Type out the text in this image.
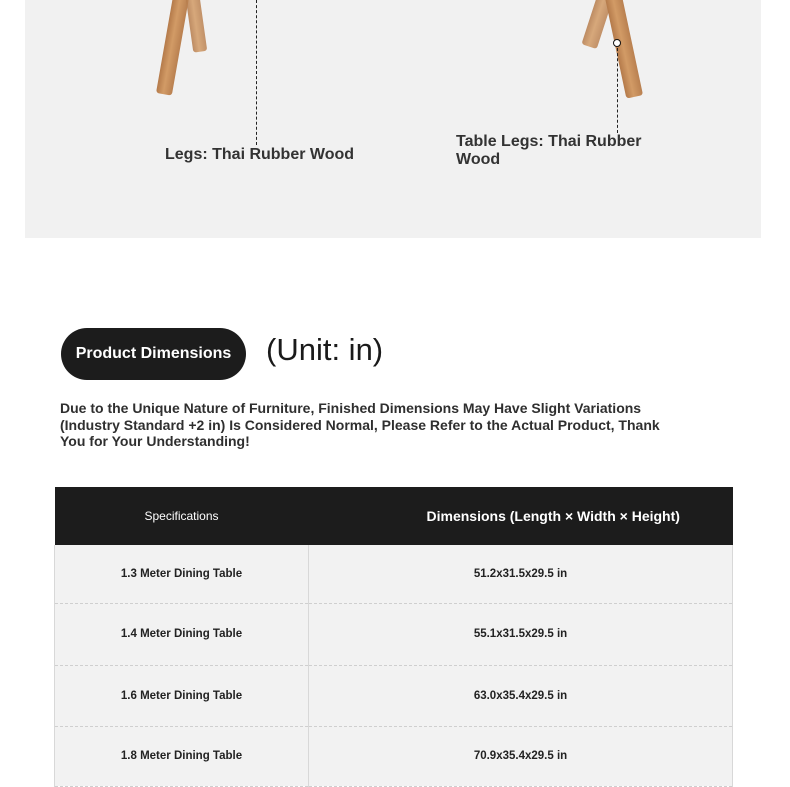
Legs: Thai Rubber Wood
Table Legs: Thai Rubber Wood
Product Dimensions	(Unit: in)
Due to the Unique Nature of Furniture, Finished Dimensions May Have Slight Variations (Industry Standard +2 in) Is Considered Normal, Please Refer to the Actual Product, Thank You for Your Understanding!
Specifications	Dimensions (Length × Width × Height)
1.3 Meter Dining Table	51.2x31.5x29.5 in
1.4 Meter Dining Table	55.1x31.5x29.5 in
1.6 Meter Dining Table	63.0x35.4x29.5 in
1.8 Meter Dining Table	70.9x35.4x29.5 in
